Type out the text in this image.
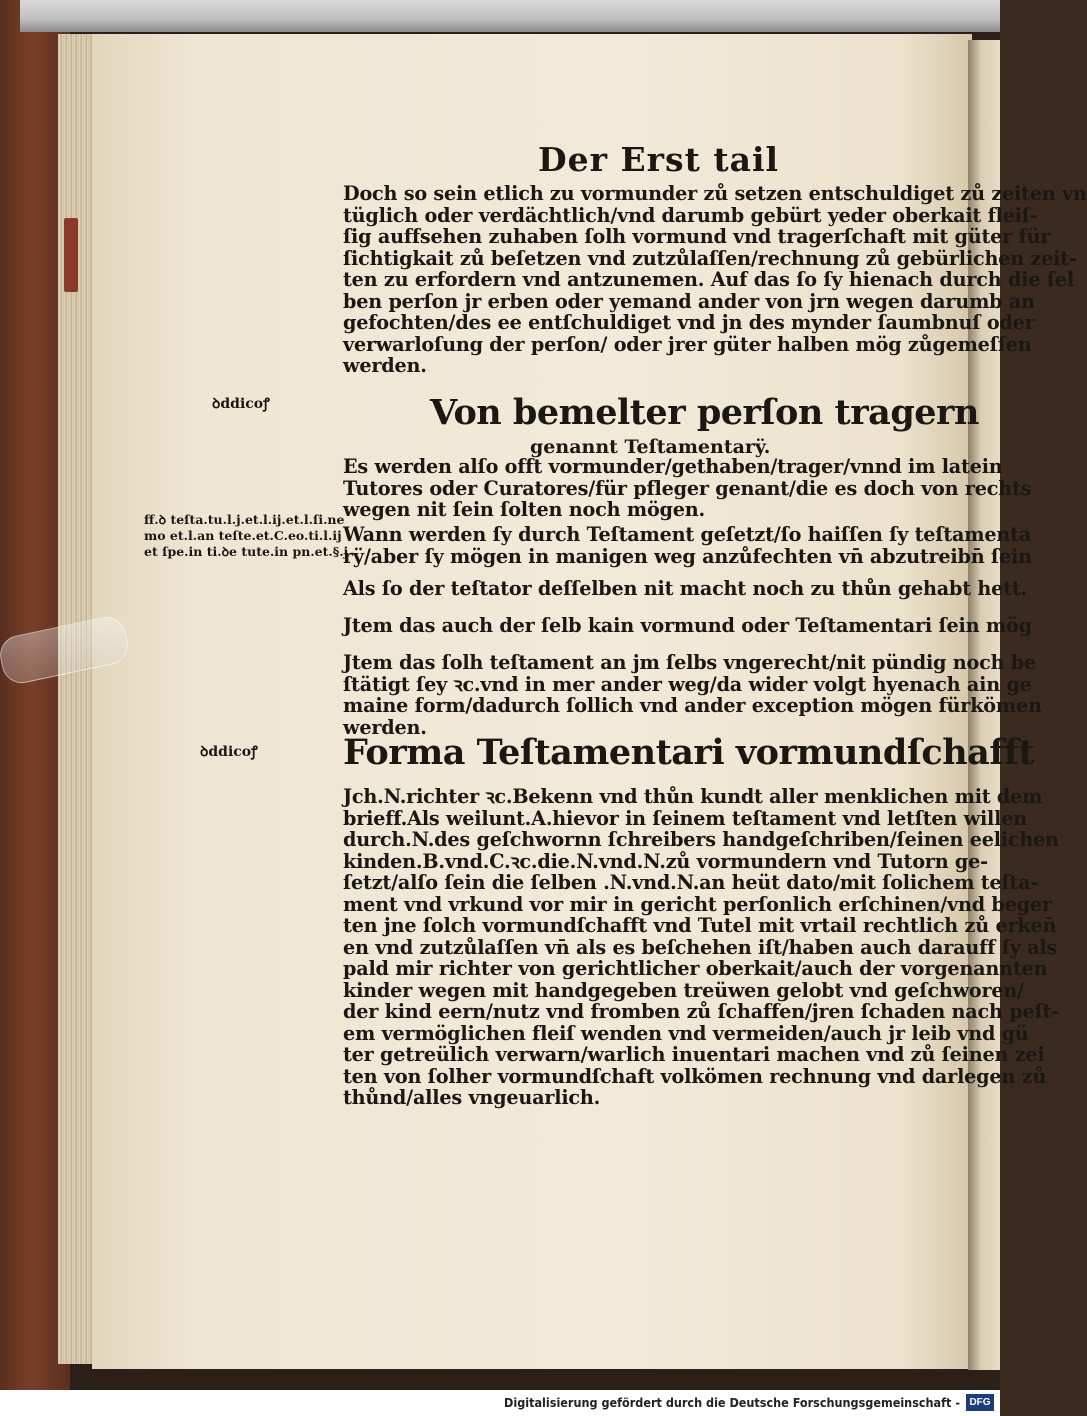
Der Erst tail
Doch so sein etlich zu vormunder zů setzen entschuldiget zů zeiten vn
tüglich oder verdächtlich/vnd darumb gebürt yeder oberkait fleiſ-
ſig auffsehen zuhaben ſolh vormund vnd tragerſchaft mit güter für
ſichtigkait zů beſetzen vnd zutzůlaſſen/rechnung zů gebürlichen zeit-
ten zu erfordern vnd antzunemen. Auf das ſo ſy hienach durch die ſel
ben perſon jr erben oder yemand ander von jrn wegen darumb an
gefochten/des ee entſchuldiget vnd jn des mynder ſaumbnuſ oder
verwarloſung der perſon/ oder jrer güter halben mög zůgemeſſen
werden.
Von bemelter perſon tragern
genannt Teſtamentarÿ.
Es werden alſo offt vormunder/gethaben/trager/vnnd im latein
Tutores oder Curatores/für pfleger genant/die es doch von rechts
wegen nit ſein ſolten noch mögen.
Wann werden ſy durch Teſtament geſetzt/ſo haiſſen ſy teſtamenta
rÿ/aber ſy mögen in manigen weg anzůfechten vn̄ abzutreibn̄ ſein
Als ſo der teſtator deſſelben nit macht noch zu thůn gehabt hett.
Jtem das auch der ſelb kain vormund oder Teſtamentari ſein mög
Jtem das ſolh teſtament an jm ſelbs vngerecht/nit pündig noch be
ſtätigt ſey ꝛc.vnd in mer ander weg/da wider volgt hyenach ain ge
maine form/dadurch ſollich vnd ander exception mögen fürkömen
werden.
Forma Teſtamentari vormundſchafft
Jch.N.richter ꝛc.Bekenn vnd thůn kundt aller menklichen mit dem
brieff.Als weilunt.A.hievor in ſeinem teſtament vnd letſten willen
durch.N.des geſchwornn ſchreibers handgeſchriben/ſeinen eelichen
kinden.B.vnd.C.ꝛc.die.N.vnd.N.zů vormundern vnd Tutorn ge-
ſetzt/alſo ſein die ſelben .N.vnd.N.an heüt dato/mit ſolichem teſta-
ment vnd vrkund vor mir in gericht perſonlich erſchinen/vnd beger
ten jne ſolch vormundſchafft vnd Tutel mit vrtail rechtlich zů erken̄
en vnd zutzůlaſſen vn̄ als es beſchehen iſt/haben auch darauff ſy als
pald mir richter von gerichtlicher oberkait/auch der vorgenannten
kinder wegen mit handgegeben treüwen gelobt vnd geſchworen/
der kind eern/nutz vnd fromben zů ſchaffen/jren ſchaden nach peſt-
em vermöglichen fleiſ wenden vnd vermeiden/auch jr leib vnd gü
ter getreülich verwarn/warlich inuentari machen vnd zů ſeinen zei
ten von ſolher vormundſchaft volkömen rechnung vnd darlegen zů
thůnd/alles vngeuarlich.
ꝺddicoꝭ
ff.ꝺ teſta.tu.l.j.et.l.ij.et.l.ſi.ne
mo et.l.an teſte.et.C.eo.ti.l.ij
et ſpe.in ti.ꝺe tute.in pn.et.§.j
ꝺddicoꝭ
Digitalisierung gefördert durch die Deutsche Forschungsgemeinschaft - DFG
